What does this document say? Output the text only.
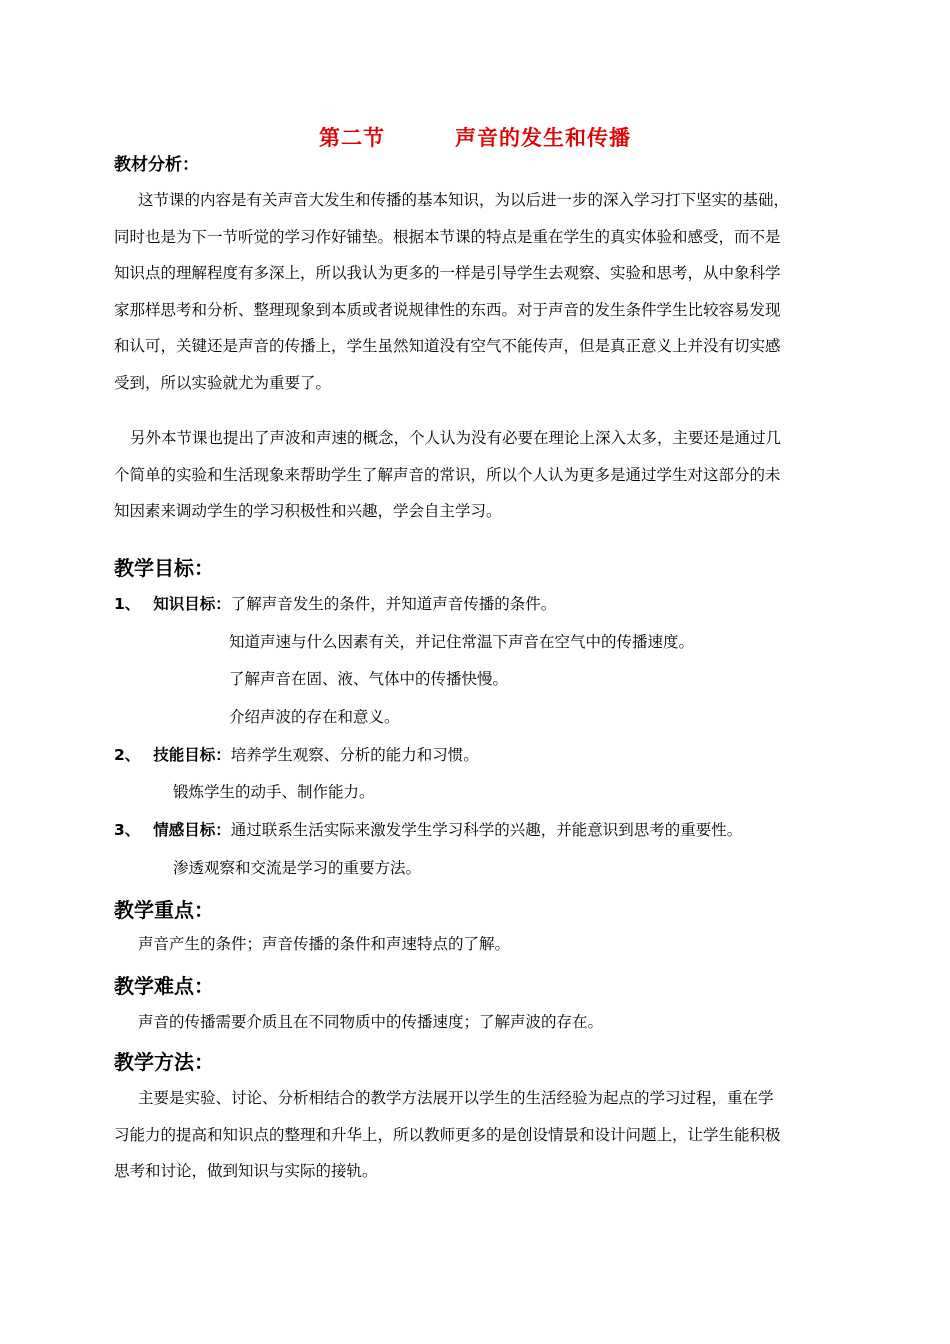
第二节	声音的发生和传播
教材分析：
这节课的内容是有关声音大发生和传播的基本知识，为以后进一步的深入学习打下坚实的基础，
同时也是为下一节听觉的学习作好铺垫。根据本节课的特点是重在学生的真实体验和感受，而不是
知识点的理解程度有多深上，所以我认为更多的一样是引导学生去观察、实验和思考，从中象科学
家那样思考和分析、整理现象到本质或者说规律性的东西。对于声音的发生条件学生比较容易发现
和认可，关键还是声音的传播上，学生虽然知道没有空气不能传声，但是真正意义上并没有切实感
受到，所以实验就尤为重要了。
另外本节课也提出了声波和声速的概念，个人认为没有必要在理论上深入太多，主要还是通过几
个简单的实验和生活现象来帮助学生了解声音的常识，所以个人认为更多是通过学生对这部分的未
知因素来调动学生的学习积极性和兴趣，学会自主学习。
教学目标：
1、 知识目标：了解声音发生的条件，并知道声音传播的条件。
知道声速与什么因素有关，并记住常温下声音在空气中的传播速度。
了解声音在固、液、气体中的传播快慢。
介绍声波的存在和意义。
2、 技能目标：培养学生观察、分析的能力和习惯。
锻炼学生的动手、制作能力。
3、 情感目标：通过联系生活实际来激发学生学习科学的兴趣，并能意识到思考的重要性。
渗透观察和交流是学习的重要方法。
教学重点：
声音产生的条件；声音传播的条件和声速特点的了解。
教学难点：
声音的传播需要介质且在不同物质中的传播速度；了解声波的存在。
教学方法：
主要是实验、讨论、分析相结合的教学方法展开以学生的生活经验为起点的学习过程，重在学
习能力的提高和知识点的整理和升华上，所以教师更多的是创设情景和设计问题上，让学生能积极
思考和讨论，做到知识与实际的接轨。
